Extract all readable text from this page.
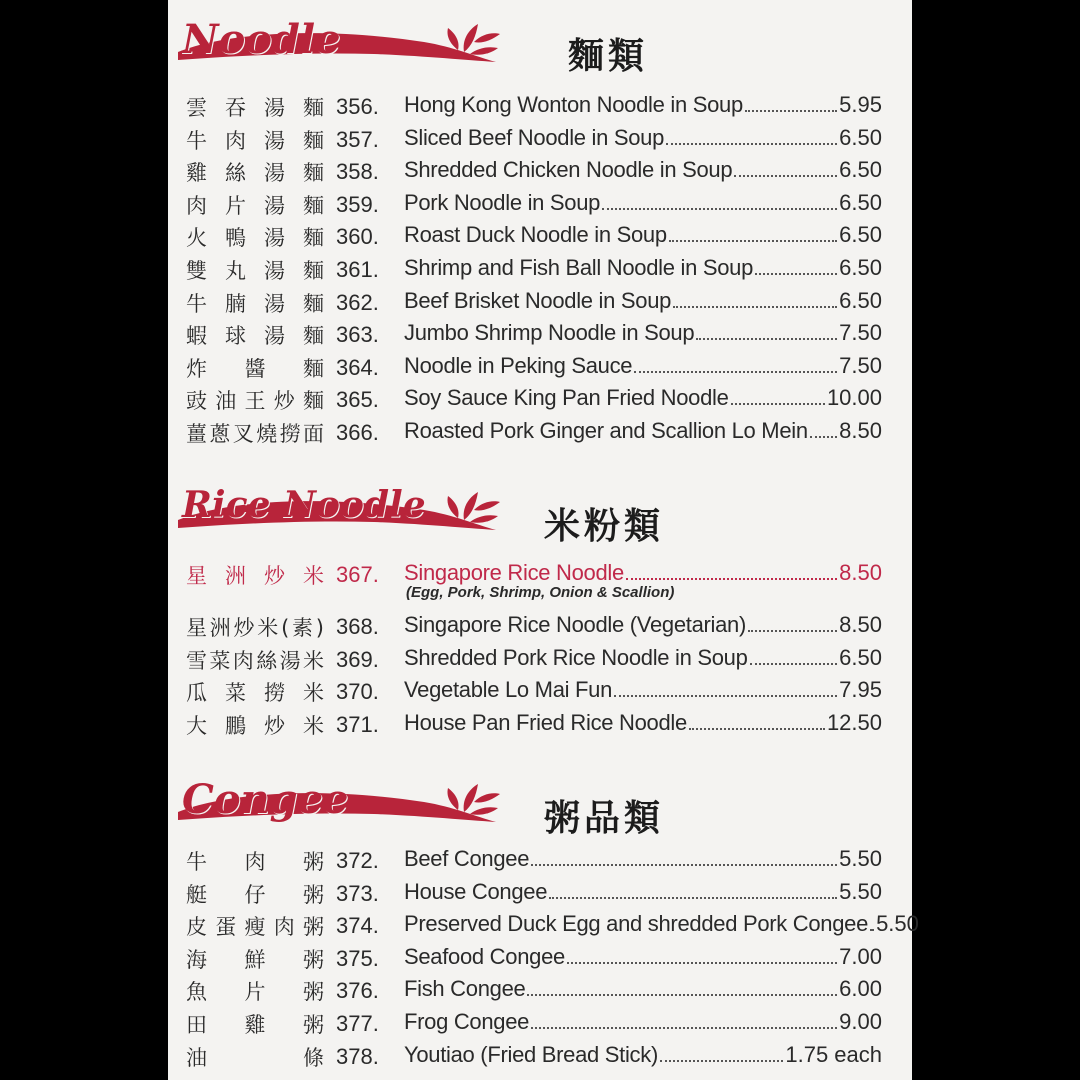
Noodle	麵類
雲吞湯麵 356. Hong Kong Wonton Noodle in Soup	5.95
牛肉湯麵 357. Sliced Beef Noodle in Soup	6.50
雞絲湯麵 358. Shredded Chicken Noodle in Soup	6.50
肉片湯麵 359. Pork Noodle in Soup	6.50
火鴨湯麵 360. Roast Duck Noodle in Soup	6.50
雙丸湯麵 361. Shrimp and Fish Ball Noodle in Soup	6.50
牛腩湯麵 362. Beef Brisket Noodle in Soup	6.50
蝦球湯麵 363. Jumbo Shrimp Noodle in Soup	7.50
炸醬麵 364. Noodle in Peking Sauce	7.50
豉油王炒麵 365. Soy Sauce King Pan Fried Noodle	10.00
薑蔥叉燒撈面 366. Roasted Pork Ginger and Scallion Lo Mein 8.50
Rice Noodle
米粉類
星洲炒米 367. Singapore Rice Noodle	8.50
(Egg, Pork, Shrimp, Onion & Scallion)
星洲炒米(素) 368. Singapore Rice Noodle (Vegetarian)	8.50
雪菜肉絲湯米 369. Shredded Pork Rice Noodle in Soup	6.50
瓜菜撈米 370. Vegetable Lo Mai Fun	7.95
大鵬炒米 371. House Pan Fried Rice Noodle	12.50
Congee	粥品類
牛肉粥 372. Beef Congee	5.50
艇仔粥 373. House Congee	5.50
皮蛋瘦肉粥 374. Preserved Duck Egg and shredded Pork Congee 5.50
海鮮粥 375. Seafood Congee	7.00
魚片粥 376. Fish Congee	6.00
田雞粥 377. Frog Congee	9.00
油條 378. Youtiao (Fried Bread Stick)	1.75 each
